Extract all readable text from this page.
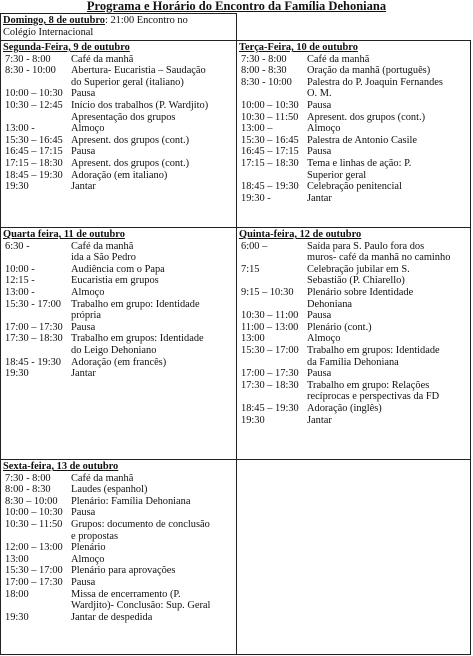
Programa e Horário do Encontro da Família Dehoniana
Domingo, 8 de outubro: 21:00 Encontro no
Colégio Internacional
Segunda-Feira, 9 de outubro
7:30 - 8:00	Café da manhã
8:30 - 10:00	Abertura- Eucaristia – Saudação
do Superior geral (italiano)
10:00 – 10:30 Pausa
10:30 – 12:45 Início dos trabalhos (P. Wardjito)
Apresentação dos grupos
13:00 -	Almoço
15:30 – 16:45 Apresent. dos grupos (cont.)
16:45 – 17:15 Pausa
17:15 – 18:30 Apresent. dos grupos (cont.)
18:45 – 19:30 Adoração (em italiano)
19:30	Jantar
Terça-Feira, 10 de outubro
7:30 - 8:00	Café da manhã
8:00 - 8:30	Oração da manhã (português)
8:30 - 10:00	Palestra do P. Joaquin Fernandes
O. M.
10:00 – 10:30 Pausa
10:30 – 11:50 Apresent. dos grupos (cont.)
13:00 –	Almoço
15:30 – 16:45 Palestra de Antonio Casile
16:45 – 17:15 Pausa
17:15 – 18:30 Tema e linhas de ação: P.
Superior geral
18:45 – 19:30 Celebração penitencial
19:30 -	Jantar
Quarta feira, 11 de outubro
6:30 -	Café da manhã
ida a São Pedro
10:00 -	Audiência com o Papa
12:15 -	Eucaristia em grupos
13:00 -	Almoço
15:30 - 17:00 Trabalho em grupo: Identidade
própria
17:00 – 17:30 Pausa
17:30 – 18:30 Trabalho em grupos: Identidade
do Leigo Dehoniano
18:45 - 19:30 Adoração (em francês)
19:30	Jantar
Quinta-feira, 12 de outubro
6:00 –	Saída para S. Paulo fora dos
muros- café da manhã no caminho
7:15	Celebração jubilar em S.
Sebastião (P. Chiarello)
9:15 – 10:30	Plenário sobre Identidade
Dehoniana
10:30 – 11:00 Pausa
11:00 – 13:00 Plenário (cont.)
13:00	Almoço
15:30 – 17:00 Trabalho em grupos: Identidade
da Família Dehoniana
17:00 – 17:30 Pausa
17:30 – 18:30 Trabalho em grupo: Relações
recíprocas e perspectivas da FD
18:45 – 19:30 Adoração (inglês)
19:30	Jantar
Sexta-feira, 13 de outubro
7:30 - 8:00	Café da manhã
8:00 - 8:30	Laudes (espanhol)
8:30 – 10:00	Plenário: Família Dehoniana
10:00 – 10:30 Pausa
10:30 – 11:50 Grupos: documento de conclusão
e propostas
12:00 – 13:00 Plenário
13:00	Almoço
15:30 – 17:00 Plenário para aprovações
17:00 – 17:30 Pausa
18:00	Missa de encerramento (P.
Wardjito)- Conclusão: Sup. Geral
19:30	Jantar de despedida
